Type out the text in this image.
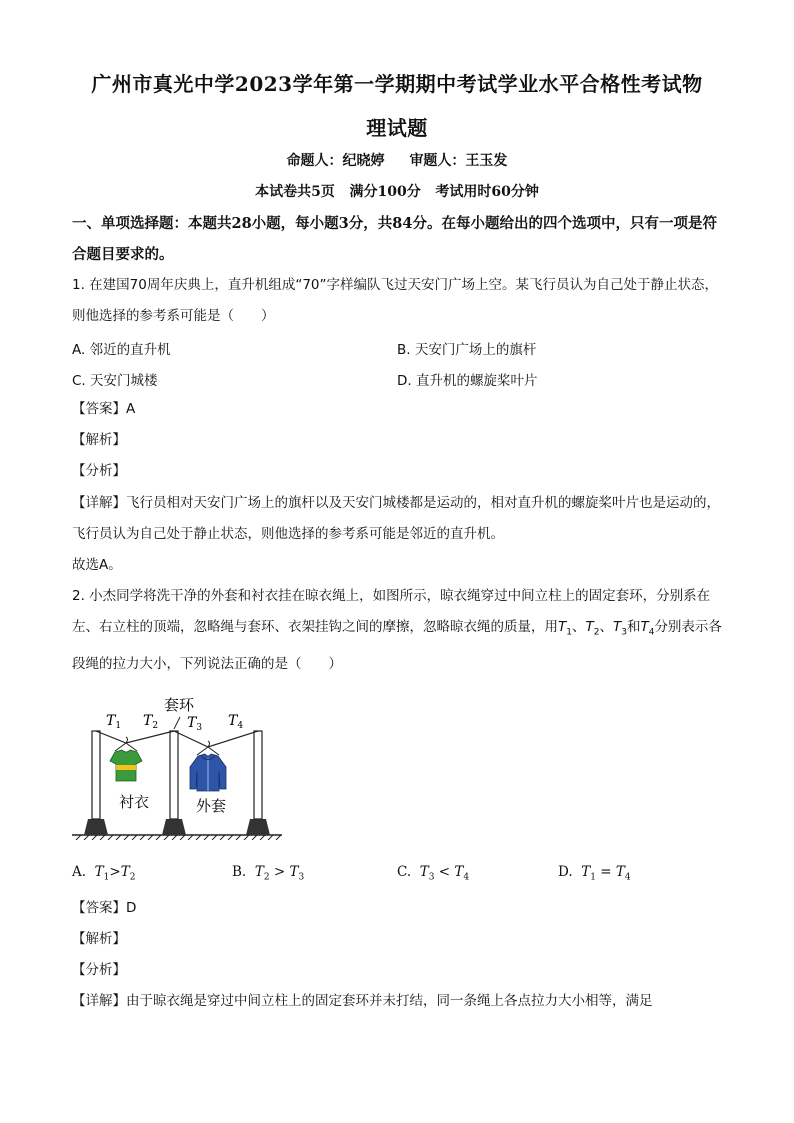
广州市真光中学2023学年第一学期期中考试学业水平合格性考试物
理试题
命题人：纪晓婷 审题人：王玉发
本试卷共5页   满分100分   考试用时60分钟
一、单项选择题：本题共28小题，每小题3分，共84分。在每小题给出的四个选项中，只有一项是符合题目要求的。
1. 在建国70周年庆典上，直升机组成“70”字样编队飞过天安门广场上空。某飞行员认为自己处于静止状态，则他选择的参考系可能是（　　）
A. 邻近的直升机	B. 天安门广场上的旗杆
C. 天安门城楼	D. 直升机的螺旋桨叶片
【答案】A
【解析】
【分析】
【详解】飞行员相对天安门广场上的旗杆以及天安门城楼都是运动的，相对直升机的螺旋桨叶片也是运动的，飞行员认为自己处于静止状态，则他选择的参考系可能是邻近的直升机。
故选A。
2. 小杰同学将洗干净的外套和衬衣挂在晾衣绳上，如图所示，晾衣绳穿过中间立柱上的固定套环，分别系在左、右立柱的顶端，忽略绳与套环、衣架挂钩之间的摩擦，忽略晾衣绳的质量，用$T_1$、$T_2$、$T_3$和$T_4$分别表示各段绳的拉力大小，下列说法正确的是（　　）
套环
衬衣	外套
$T_1$ $T_2$ $T_3$ $T_4$
A. $T_1>T_2$	B. $T_2 > T_3$	C. $T_3 < T_4$	D. $T_1 = T_4$
【答案】D
【解析】
【分析】
【详解】由于晾衣绳是穿过中间立柱上的固定套环并未打结，同一条绳上各点拉力大小相等，满足
